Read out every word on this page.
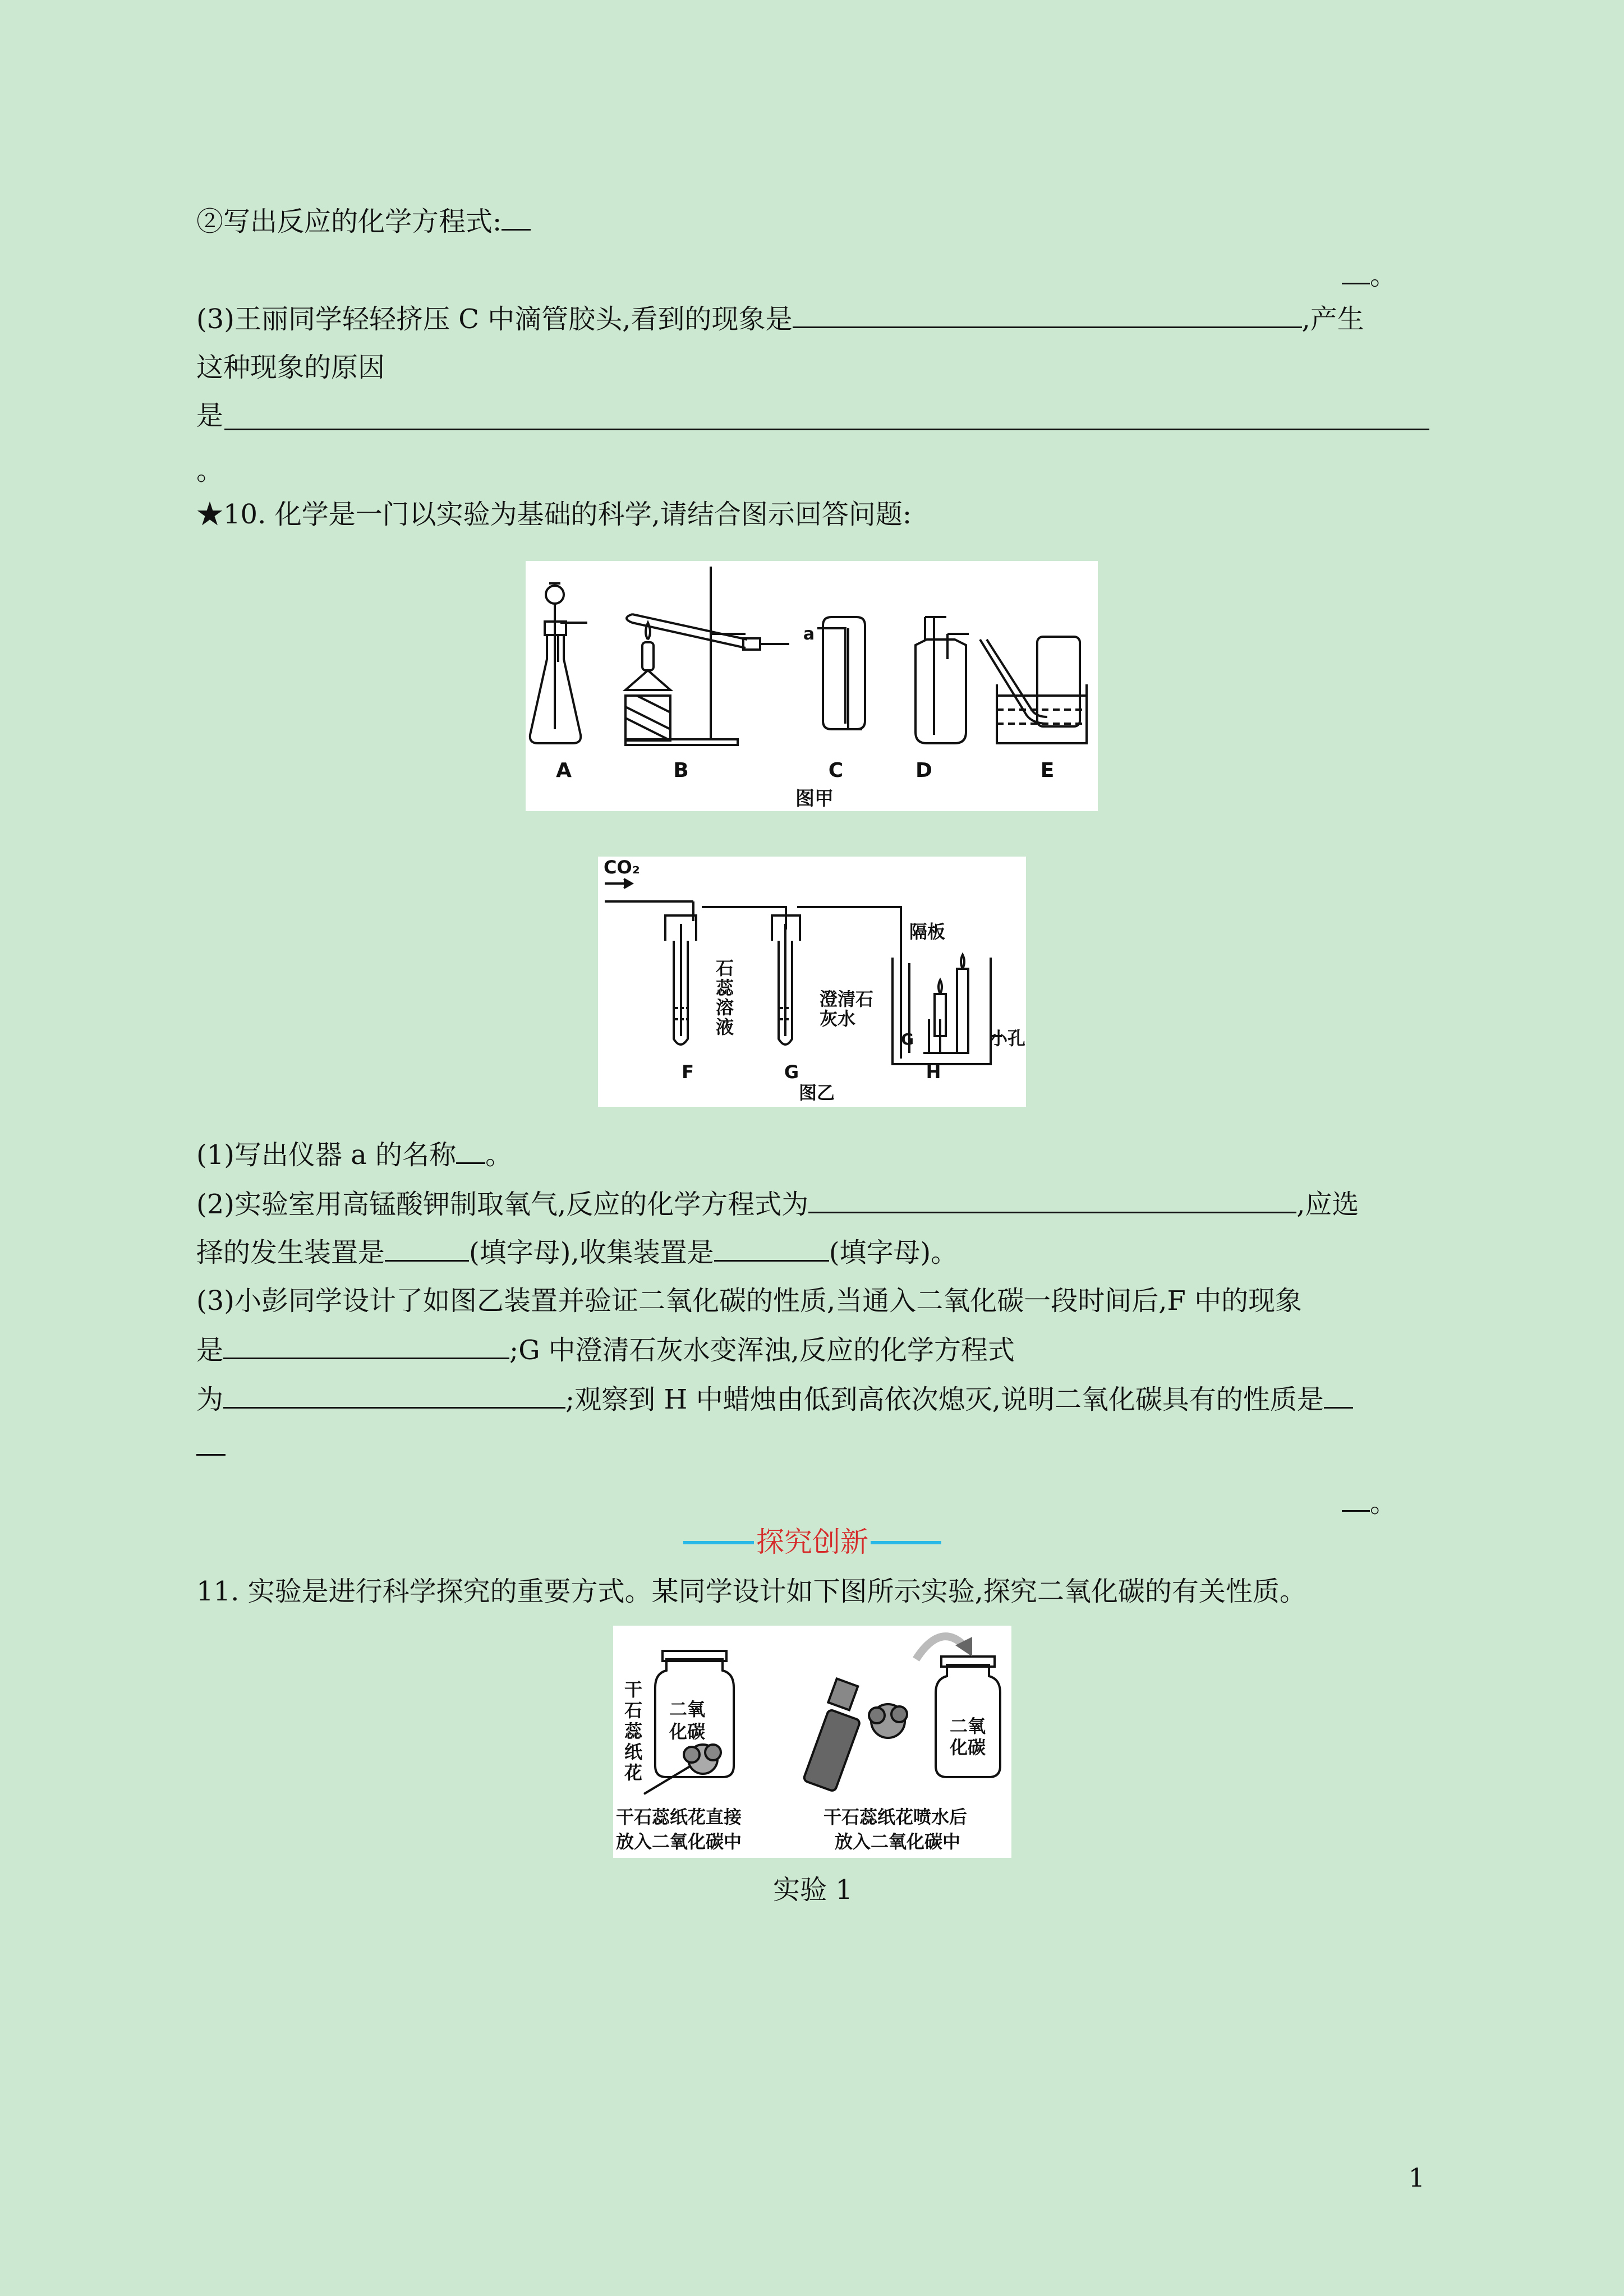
②写出反应的化学方程式:
。
(3)王丽同学轻轻挤压 C 中滴管胶头,看到的现象是	,产生
这种现象的原因
是
。
★10. 化学是一门以实验为基础的科学,请结合图示回答问题:
A	B	C	D	E
a
图甲
CO₂
石
蕊
溶
液
澄清石
灰水
隔板
小孔
G
F	G	H
图乙
(1)写出仪器 a 的名称 。
(2)实验室用高锰酸钾制取氧气,反应的化学方程式为	,应选
择的发生装置是	(填字母),收集装置是	(填字母)。
(3)小彭同学设计了如图乙装置并验证二氧化碳的性质,当通入二氧化碳一段时间后,F 中的现象
是	;G 中澄清石灰水变浑浊,反应的化学方程式
为	;观察到 H 中蜡烛由低到高依次熄灭,说明二氧化碳具有的性质是
。
探究创新
11. 实验是进行科学探究的重要方式。某同学设计如下图所示实验,探究二氧化碳的有关性质。
干
石
蕊
纸
花
二氧
化碳	二氧
化碳
干石蕊纸花直接
放入二氧化碳中
干石蕊纸花喷水后
放入二氧化碳中
实验 1
1
